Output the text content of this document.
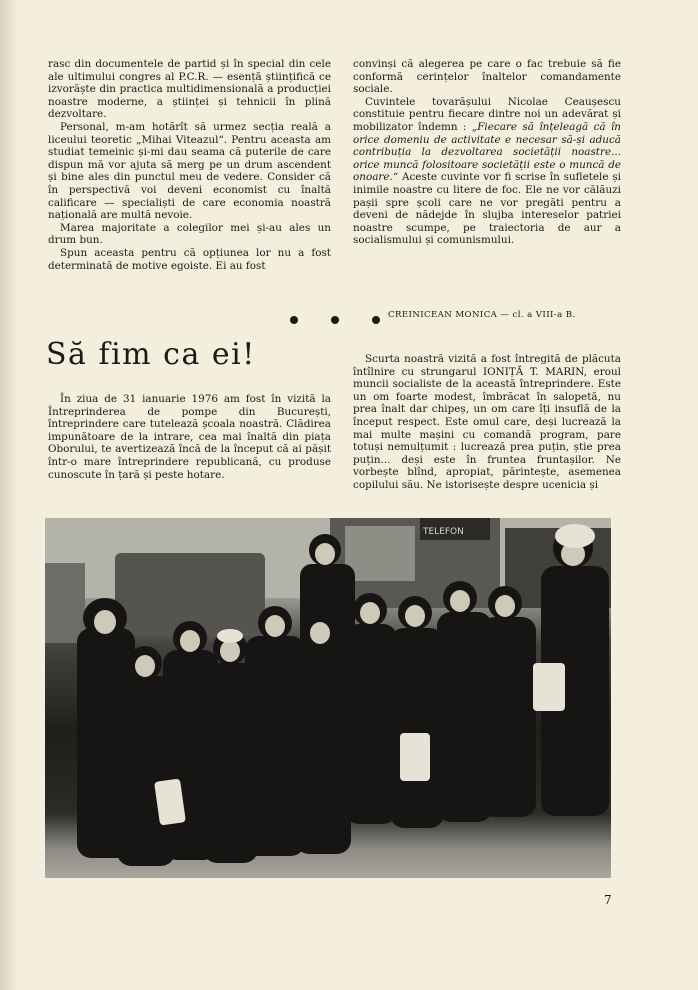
rasc din documentele de partid și în special din cele ale ultimului congres al P.C.R. — esență științifică ce izvorăște din practica multidimensională a producției noastre moderne, a științei și tehnicii în plină dezvoltare.

Personal, m-am hotărît să urmez secția reală a liceului teoretic „Mihai Viteazul“. Pentru aceasta am studiat temeinic și-mi dau seama că puterile de care dispun mă vor ajuta să merg pe un drum ascendent și bine ales din punctul meu de vedere. Consider că în perspectivă voi deveni economist cu înaltă calificare — specialiști de care economia noastră națională are multă nevoie.

Marea majoritate a colegilor mei și-au ales un drum bun.

Spun aceasta pentru că opțiunea lor nu a fost determinată de motive egoiste. Ei au fost

convinși că alegerea pe care o fac trebuie să fie conformă cerințelor înaltelor comandamente sociale.

Cuvintele tovarășului Nicolae Ceaușescu constituie pentru fiecare dintre noi un adevărat și mobilizator îndemn : „Fiecare să înțeleagă că în orice domeniu de activitate e necesar să-și aducă contribuția la dezvoltarea societății noastre... orice muncă folositoare societății este o muncă de onoare.“ Aceste cuvinte vor fi scrise în sufletele și inimile noastre cu litere de foc. Ele ne vor călăuzi pașii spre școli care ne vor pregăti pentru a deveni de nădejde în slujba intereselor patriei noastre scumpe, pe traiectoria de aur a socialismului și comunismului.

CREINICEAN MONICA — cl. a VIII-a B.
Să fim ca ei!

În ziua de 31 ianuarie 1976 am fost în vizită la Întreprinderea de pompe din București, întreprindere care tutelează școala noastră. Clădirea impunătoare de la intrare, cea mai înaltă din piața Oborului, te avertizează încă de la început că ai pășit într-o mare întreprindere republicană, cu produse cunoscute în țară și peste hotare.

Scurta noastră vizită a fost întregită de plăcuta întîlnire cu strungarul IONIȚĂ T. MARIN, eroul muncii socialiste de la această întreprindere. Este un om foarte modest, îmbrăcat în salopetă, nu prea înalt dar chipeș, un om care îți insuflă de la început respect. Este omul care, deși lucrează la mai multe mașini cu comandă program, pare totuși nemulțumit : lucrează prea puțin, știe prea puțin... deși este în fruntea fruntașilor. Ne vorbește blînd, apropiat, părintește, asemenea copilului său. Ne istorisește despre ucenicia și

TELEFON
7
